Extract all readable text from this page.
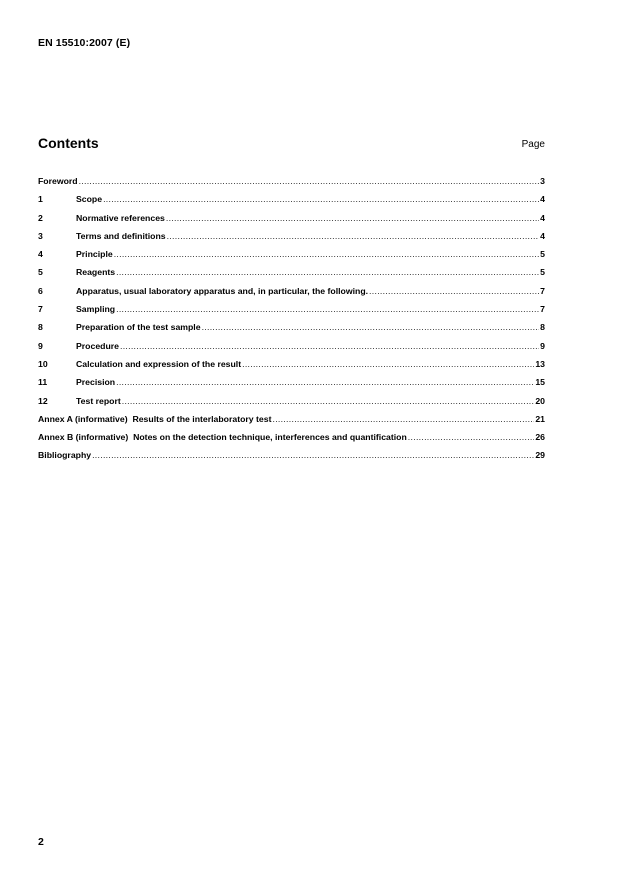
EN 15510:2007 (E)
Contents	Page
Foreword .....	3
1	Scope .....	4
2	Normative references .....	4
3	Terms and definitions .....	4
4	Principle .....	5
5	Reagents .....	5
6	Apparatus, usual laboratory apparatus and, in particular, the following. .....	7
7	Sampling .....	7
8	Preparation of the test sample .....	8
9	Procedure .....	9
10	Calculation and expression of the result .....	13
11	Precision .....	15
12	Test report .....	20
Annex A (informative)  Results of the interlaboratory test .....	21
Annex B (informative)  Notes on the detection technique, interferences and quantification .....	26
Bibliography .....	29
2
